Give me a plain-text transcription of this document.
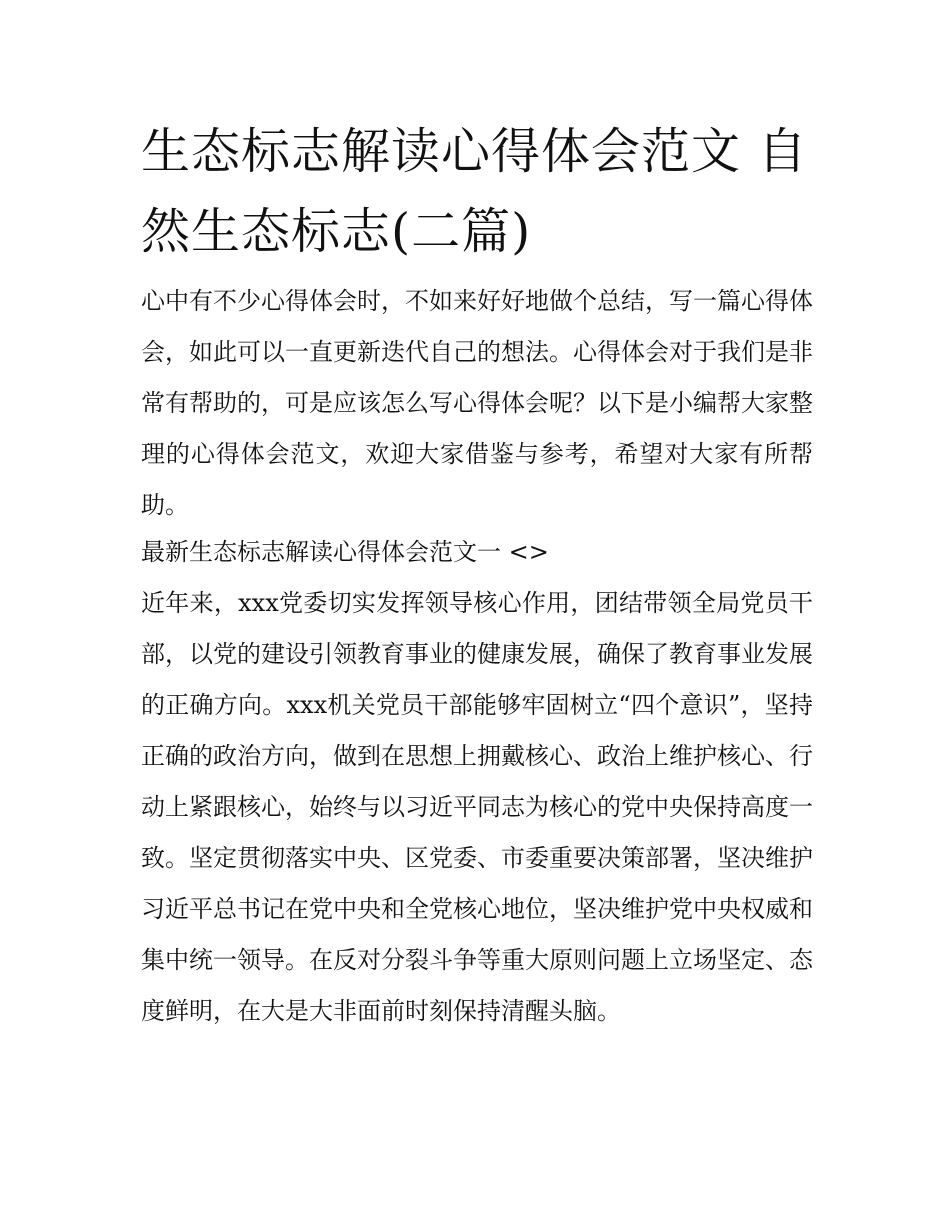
生态标志解读心得体会范文 自然生态标志(二篇)

心中有不少心得体会时，不如来好好地做个总结，写一篇心得体会，如此可以一直更新迭代自己的想法。心得体会对于我们是非常有帮助的，可是应该怎么写心得体会呢？以下是小编帮大家整理的心得体会范文，欢迎大家借鉴与参考，希望对大家有所帮助。

最新生态标志解读心得体会范文一 <>

近年来，xxx党委切实发挥领导核心作用，团结带领全局党员干部，以党的建设引领教育事业的健康发展，确保了教育事业发展的正确方向。xxx机关党员干部能够牢固树立“四个意识”，坚持正确的政治方向，做到在思想上拥戴核心、政治上维护核心、行动上紧跟核心，始终与以习近平同志为核心的党中央保持高度一致。坚定贯彻落实中央、区党委、市委重要决策部署，坚决维护习近平总书记在党中央和全党核心地位，坚决维护党中央权威和集中统一领导。在反对分裂斗争等重大原则问题上立场坚定、态度鲜明，在大是大非面前时刻保持清醒头脑。
